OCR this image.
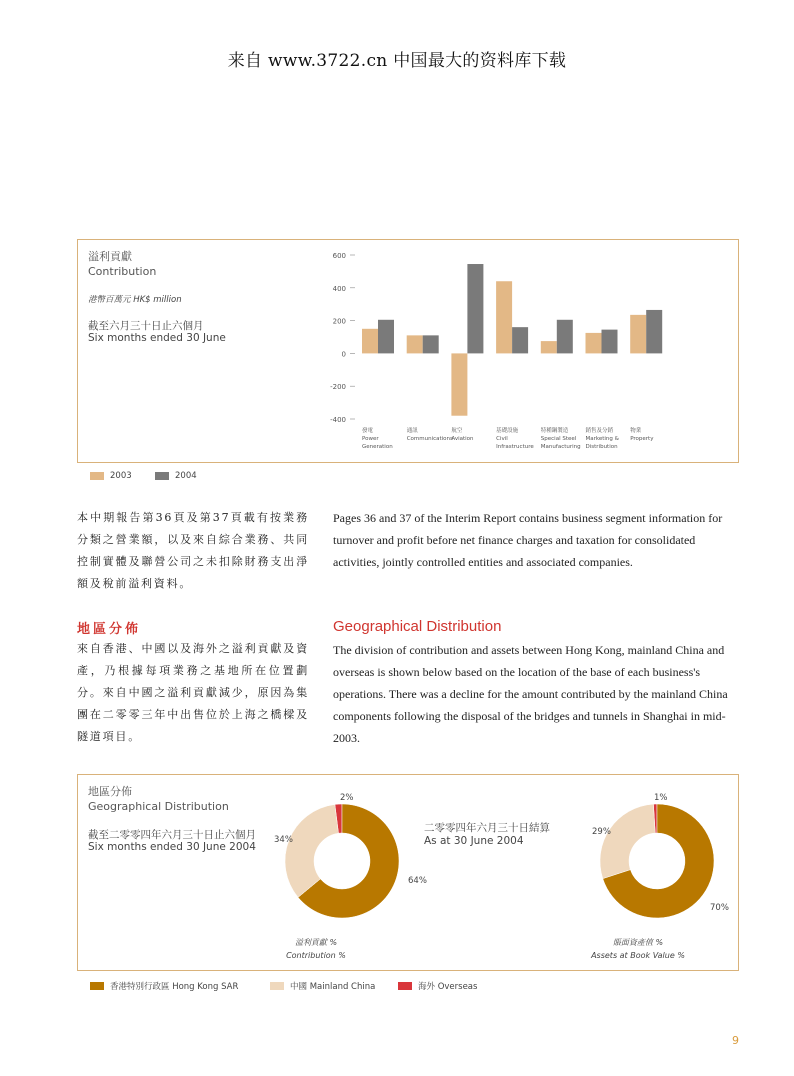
来自 www.3722.cn 中国最大的资料库下载
溢利貢獻
Contribution
港幣百萬元 HK$ million
截至六月三十日止六個月
Six months ended 30 June
600
400
200
0
-200
-400
發電
Power
Generation
通訊
Communications
航空
Aviation
基礎設施
Civil
Infrastructure
特種鋼製造
Special Steel
Manufacturing
銷售及分銷
Marketing &
Distribution
物業
Property
2003	2004
本中期報告第36頁及第37頁載有按業務分類之營業額，以及來自綜合業務、共同控制實體及聯營公司之未扣除財務支出淨額及稅前溢利資料。
Pages 36 and 37 of the Interim Report contains business segment information for turnover and profit before net finance charges and taxation for consolidated activities, jointly controlled entities and associated companies.
地區分佈	Geographical Distribution
來自香港、中國以及海外之溢利貢獻及資產，乃根據每項業務之基地所在位置劃分。來自中國之溢利貢獻減少，原因為集團在二零零三年中出售位於上海之橋樑及隧道項目。
The division of contribution and assets between Hong Kong, mainland China and overseas is shown below based on the location of the base of each business's operations. There was a decline for the amount contributed by the mainland China components following the disposal of the bridges and tunnels in Shanghai in mid-2003.
地區分佈
Geographical Distribution
截至二零零四年六月三十日止六個月
Six months ended 30 June 2004
二零零四年六月三十日結算
As at 30 June 2004
64%
34%
2%
溢利貢獻 %
Contribution %
70%
29%
1%
賬面資產值 %
Assets at Book Value %
香港特別行政區 Hong Kong SAR	中國 Mainland China	海外 Overseas
9
